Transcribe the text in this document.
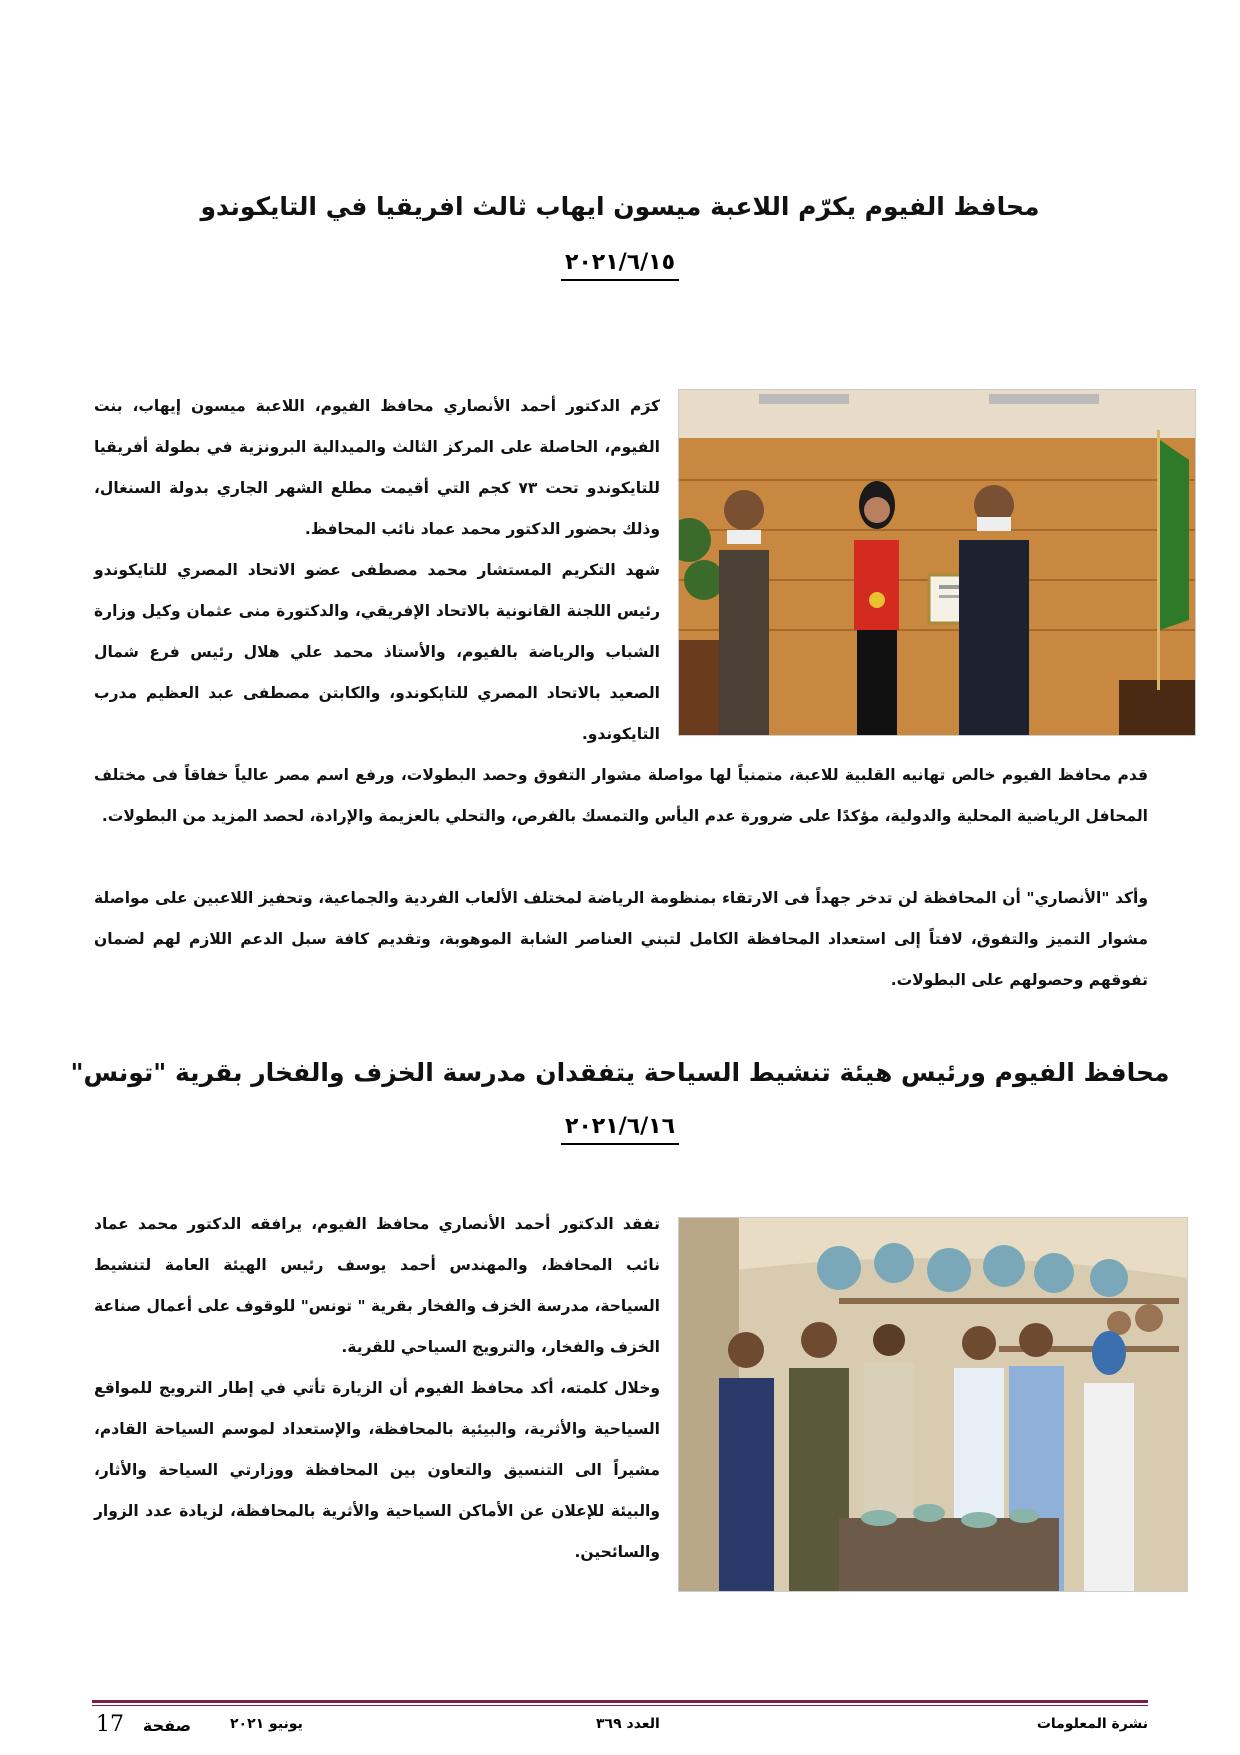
محافظ الفيوم يكرّم اللاعبة ميسون ايهاب ثالث افريقيا في التايكوندو
٢٠٢١/٦/١٥

كرَم الدكتور أحمد الأنصاري محافظ الفيوم، اللاعبة ميسون إيهاب، بنت الفيوم، الحاصلة على المركز الثالث والميدالية البرونزية في بطولة أفريقيا للتايكوندو تحت ٧٣ كجم التي أقيمت مطلع الشهر الجاري بدولة السنغال، وذلك بحضور الدكتور محمد عماد نائب المحافظ.

شهد التكريم المستشار محمد مصطفى عضو الاتحاد المصري للتايكوندو رئيس اللجنة القانونية بالاتحاد الإفريقي، والدكتورة منى عثمان وكيل وزارة الشباب والرياضة بالفيوم، والأستاذ محمد علي هلال رئيس فرع شمال الصعيد بالاتحاد المصري للتايكوندو، والكابتن مصطفى عبد العظيم مدرب التايكوندو.

قدم محافظ الفيوم خالص تهانيه القلبية للاعبة، متمنياً لها مواصلة مشوار التفوق وحصد البطولات، ورفع اسم مصر عالياً خفاقاً فى مختلف المحافل الرياضية المحلية والدولية، مؤكدًا على ضرورة عدم اليأس والتمسك بالفرص، والتحلي بالعزيمة والإرادة، لحصد المزيد من البطولات.

وأكد "الأنصاري" أن المحافظة لن تدخر جهداً فى الارتقاء بمنظومة الرياضة لمختلف الألعاب الفردية والجماعية، وتحفيز اللاعبين على مواصلة مشوار التميز والتفوق، لافتاً إلى استعداد المحافظة الكامل لتبني العناصر الشابة الموهوبة، وتقديم كافة سبل الدعم اللازم لهم لضمان تفوقهم وحصولهم على البطولات.

محافظ الفيوم ورئيس هيئة تنشيط السياحة يتفقدان مدرسة الخزف والفخار بقرية "تونس"
٢٠٢١/٦/١٦

تفقد الدكتور أحمد الأنصاري محافظ الفيوم، يرافقه الدكتور محمد عماد نائب المحافظ، والمهندس أحمد يوسف رئيس الهيئة العامة لتنشيط السياحة، مدرسة الخزف والفخار بقرية " تونس" للوقوف على أعمال صناعة الخزف والفخار، والترويج السياحي للقرية.

وخلال كلمته، أكد محافظ الفيوم أن الزيارة تأتي في إطار الترويج للمواقع السياحية والأثرية، والبيئية بالمحافظة، والإستعداد لموسم السياحة القادم، مشيراً الى التنسيق والتعاون بين المحافظة ووزارتي السياحة والأثار، والبيئة للإعلان عن الأماكن السياحية والأثرية بالمحافظة، لزيادة عدد الزوار والسائحين.

نشرة المعلومات
العدد ٣٦٩
يونيو ٢٠٢١
17 صفحة
